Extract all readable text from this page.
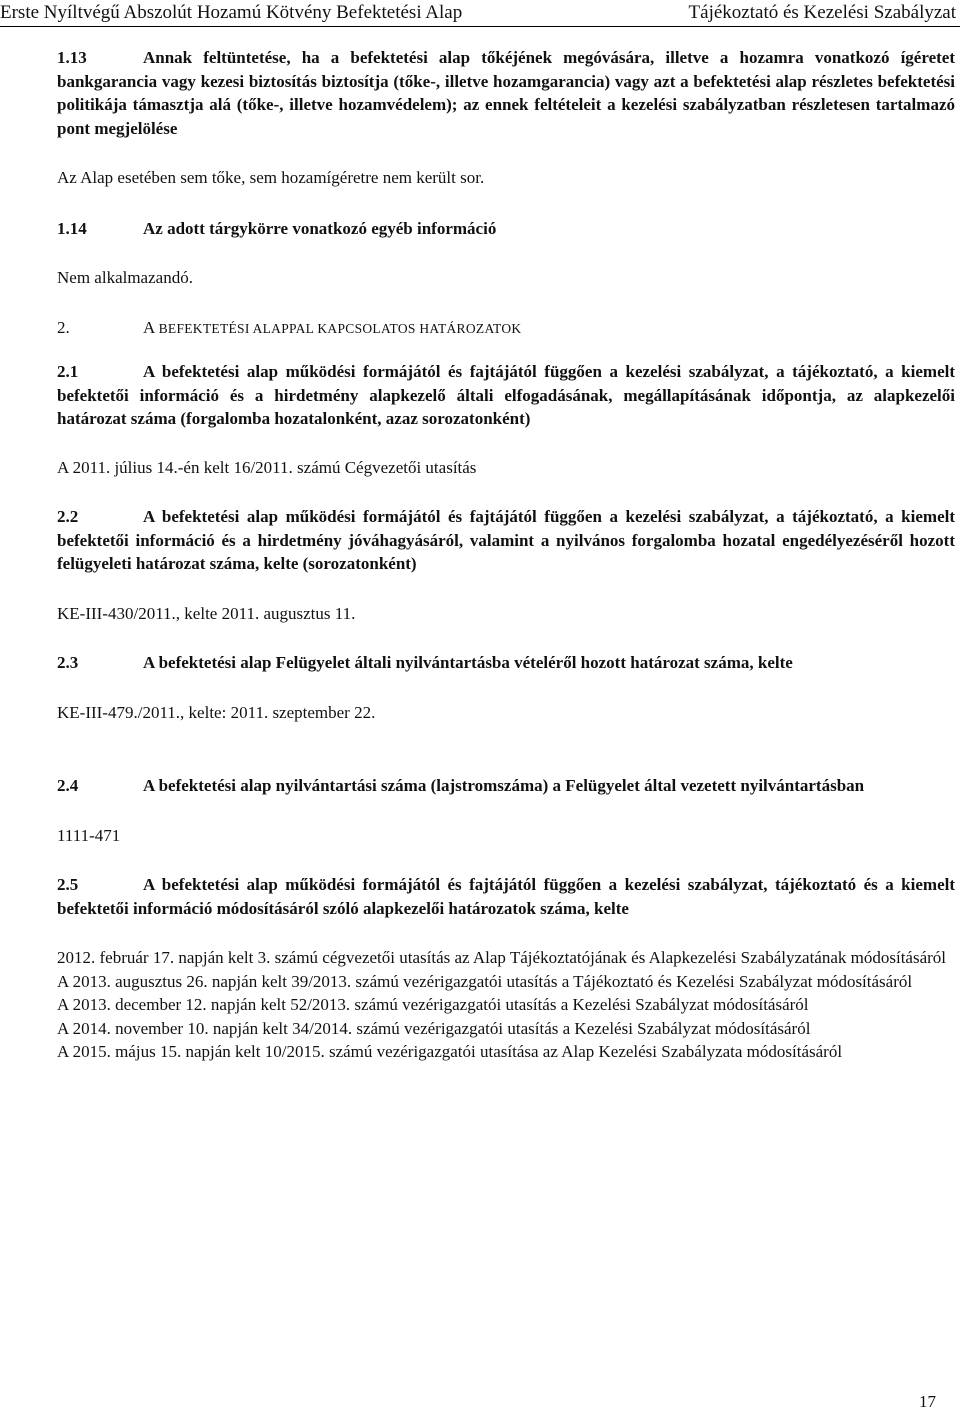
Erste Nyíltvégű Abszolút Hozamú Kötvény Befektetési Alap	Tájékoztató és Kezelési Szabályzat

1.13	Annak feltüntetése, ha a befektetési alap tőkéjének megóvására, illetve a hozamra vonatkozó ígéretet bankgarancia vagy kezesi biztosítás biztosítja (tőke-, illetve hozamgarancia) vagy azt a befektetési alap részletes befektetési politikája támasztja alá (tőke-, illetve hozamvédelem); az ennek feltételeit a kezelési szabályzatban részletesen tartalmazó pont megjelölése

Az Alap esetében sem tőke, sem hozamígéretre nem került sor.

1.14	Az adott tárgykörre vonatkozó egyéb információ

Nem alkalmazandó.

2.	A BEFEKTETÉSI ALAPPAL KAPCSOLATOS HATÁROZATOK

2.1	A befektetési alap működési formájától és fajtájától függően a kezelési szabályzat, a tájékoztató, a kiemelt befektetői információ és a hirdetmény alapkezelő általi elfogadásának, megállapításának időpontja, az alapkezelői határozat száma (forgalomba hozatalonként, azaz sorozatonként)

A 2011. július 14.-én kelt 16/2011. számú Cégvezetői utasítás

2.2	A befektetési alap működési formájától és fajtájától függően a kezelési szabályzat, a tájékoztató, a kiemelt befektetői információ és a hirdetmény jóváhagyásáról, valamint a nyilvános forgalomba hozatal engedélyezéséről hozott felügyeleti határozat száma, kelte (sorozatonként)

KE-III-430/2011., kelte 2011. augusztus 11.

2.3	A befektetési alap Felügyelet általi nyilvántartásba vételéről hozott határozat száma, kelte

KE-III-479./2011., kelte: 2011. szeptember 22.

2.4	A befektetési alap nyilvántartási száma (lajstromszáma) a Felügyelet által vezetett nyilvántartásban

1111-471

2.5	A befektetési alap működési formájától és fajtájától függően a kezelési szabályzat, tájékoztató és a kiemelt befektetői információ módosításáról szóló alapkezelői határozatok száma, kelte

2012. február 17. napján kelt 3. számú cégvezetői utasítás az Alap Tájékoztatójának és Alapkezelési Szabályzatának módosításáról

A 2013. augusztus 26. napján kelt 39/2013. számú vezérigazgatói utasítás a Tájékoztató és Kezelési Szabályzat módosításáról

A 2013. december 12. napján kelt 52/2013. számú vezérigazgatói utasítás a Kezelési Szabályzat módosításáról

A 2014. november 10. napján kelt 34/2014. számú vezérigazgatói utasítás a Kezelési Szabályzat módosításáról

A 2015. május 15. napján kelt 10/2015. számú vezérigazgatói utasítása az Alap Kezelési Szabályzata módosításáról

17
